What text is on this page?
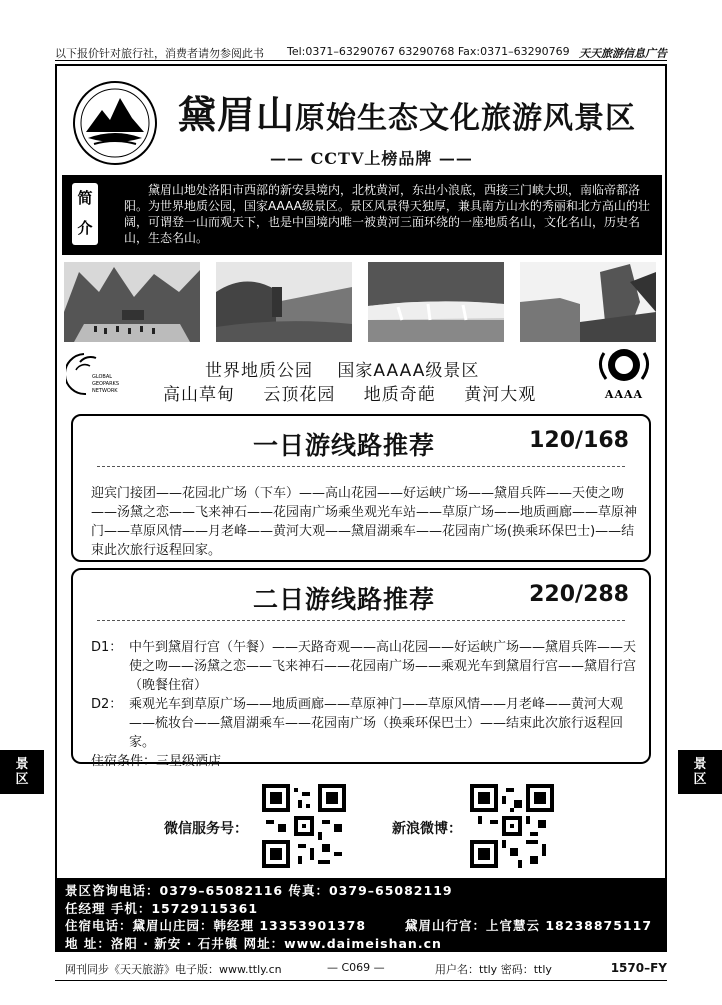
以下报价针对旅行社，消费者请勿参阅此书 Tel:0371–63290767 63290768 Fax:0371–63290769 天天旅游信息广告
黛眉山原始生态文化旅游风景区
—— CCTV上榜品牌 ——
简
介
黛眉山地处洛阳市西部的新安县境内，北枕黄河，东出小浪底，西接三门峡大坝，南临帝都洛阳。为世界地质公园，国家AAAA级景区。景区风景得天独厚，兼具南方山水的秀丽和北方高山的壮阔，可谓登一山而观天下，也是中国境内唯一被黄河三面环绕的一座地质名山，文化名山，历史名山，生态名山。
GLOBAL
GEOPARKS
NETWORK
世界地质公园 国家AAAA级景区
高山草甸 云顶花园 地质奇葩 黄河大观	AAAA
一日游线路推荐	120/168
迎宾门接团——花园北广场（下车）——高山花园——好运峡广场——黛眉兵阵——天使之吻——汤黛之恋——飞来神石——花园南广场乘坐观光车站——草原广场——地质画廊——草原神门——草原风情——月老峰——黄河大观——黛眉湖乘车——花园南广场(换乘环保巴士)——结束此次旅行返程回家。
二日游线路推荐	220/288
D1： 中午到黛眉行宫（午餐）——天路奇观——高山花园——好运峡广场——黛眉兵阵——天使之吻——汤黛之恋——飞来神石——花园南广场——乘观光车到黛眉行宫——黛眉行宫（晚餐住宿）
D2： 乘观光车到草原广场——地质画廊——草原神门——草原风情——月老峰——黄河大观——梳妆台——黛眉湖乘车——花园南广场（换乘环保巴士）——结束此次旅行返程回家。
住宿条件：三星级酒店
景
区
景
区
微信服务号：	新浪微博：
景区咨询电话：0379–65082116 传真：0379–65082119
任经理 手机：15729115361
住宿电话：黛眉山庄园：韩经理 13353901378	黛眉山行宫：上官慧云 18238875117
地 址：洛阳 · 新安 · 石井镇 网址：www.daimeishan.cn
网刊同步《天天旅游》电子版：www.ttly.cn	— C069 —	用户名：ttly 密码：ttly	1570–FY
